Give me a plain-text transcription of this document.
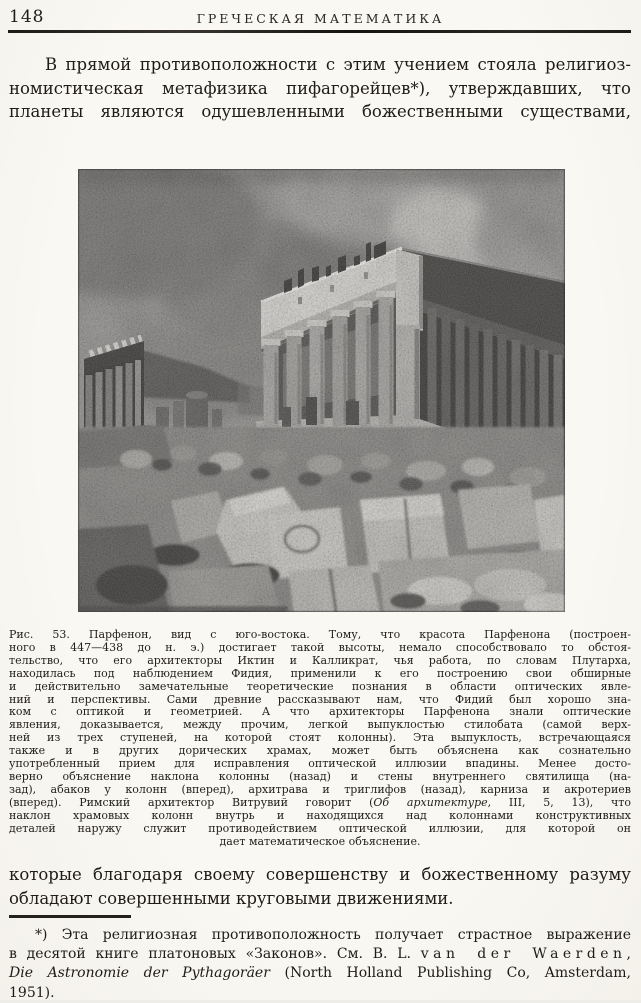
148	ГРЕЧЕСКАЯ МАТЕМАТИКА
В прямой противоположности с этим учением стояла религиоз-
номистическая метафизика пифагорейцев*), утверждавших, что
планеты являются одушевленными божественными существами,
Рис. 53. Парфенон, вид с юго-востока. Тому, что красота Парфенона (построен-
ного в 447—438 до н. э.) достигает такой высоты, немало способствовало то обстоя-
тельство, что его архитекторы Иктин и Калликрат, чья работа, по словам Плутарха,
находилась под наблюдением Фидия, применили к его построению свои обширные
и действительно замечательные теоретические познания в области оптических явле-
ний и перспективы. Сами древние рассказывают нам, что Фидий был хорошо зна-
ком с оптикой и геометрией. А что архитекторы Парфенона знали оптические
явления, доказывается, между прочим, легкой выпуклостью стилобата (самой верх-
ней из трех ступеней, на которой стоят колонны). Эта выпуклость, встречающаяся
также и в других дорических храмах, может быть объяснена как сознательно
употребленный прием для исправления оптической иллюзии впадины. Менее досто-
верно объяснение наклона колонны (назад) и стены внутреннего святилища (на-
зад), абаков у колонн (вперед), архитрава и триглифов (назад), карниза и акротериев
(вперед). Римский архитектор Витрувий говорит (Об архитектуре, III, 5, 13), что
наклон храмовых колонн внутрь и находящихся над колоннами конструктивных
деталей наружу служит противодействием оптической иллюзии, для которой он
дает математическое объяснение.
которые благодаря своему совершенству и божественному разуму
обладают совершенными круговыми движениями.
*) Эта религиозная противоположность получает страстное выражение
в десятой книге платоновых «Законов». См. B. L. van der Waerden,
Die Astronomie der Pythagoräer (North Holland Publishing Co, Amsterdam,
1951).
